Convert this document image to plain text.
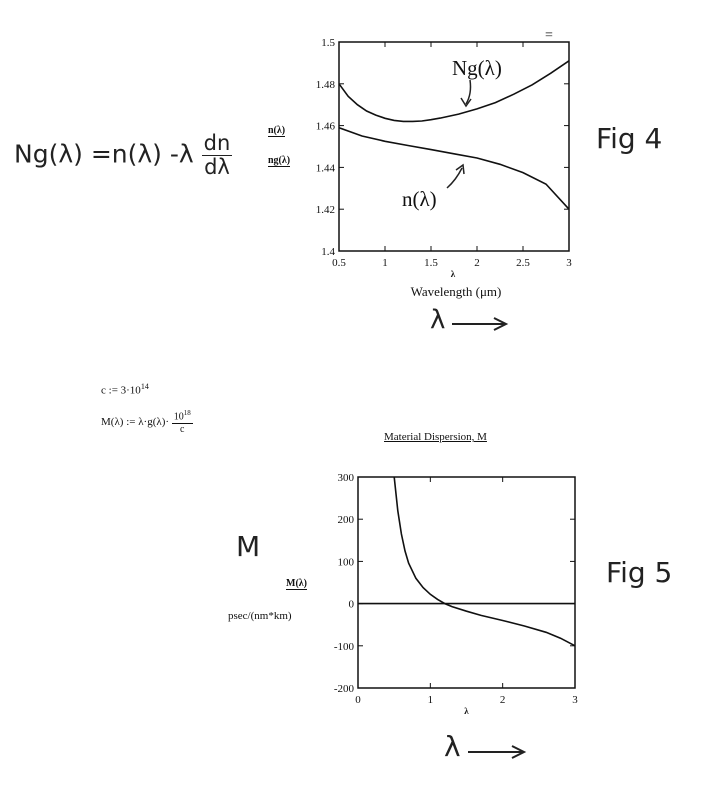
Ng(λ) =n(λ) $-\lambda \frac{dn}{d\lambda}$	Fig 4
=
n(λ)
ng(λ)
λ
c := $3\cdot 10^{14}$
M(λ) := $\lambda\cdot g(\lambda)\cdot \frac{10^{18}}{c}$
Material Dispersion, M
M
M(λ)
psec/(nm*km)
Fig 5
λ
0.5	1	1.5	2	2.5	3
1.4
1.42
1.44
1.46
1.48
1.5
λ
Wavelength (μm)
Ng(λ)
n(λ)
0	1	2	3
300
200
100
0
-100
-200
λ
